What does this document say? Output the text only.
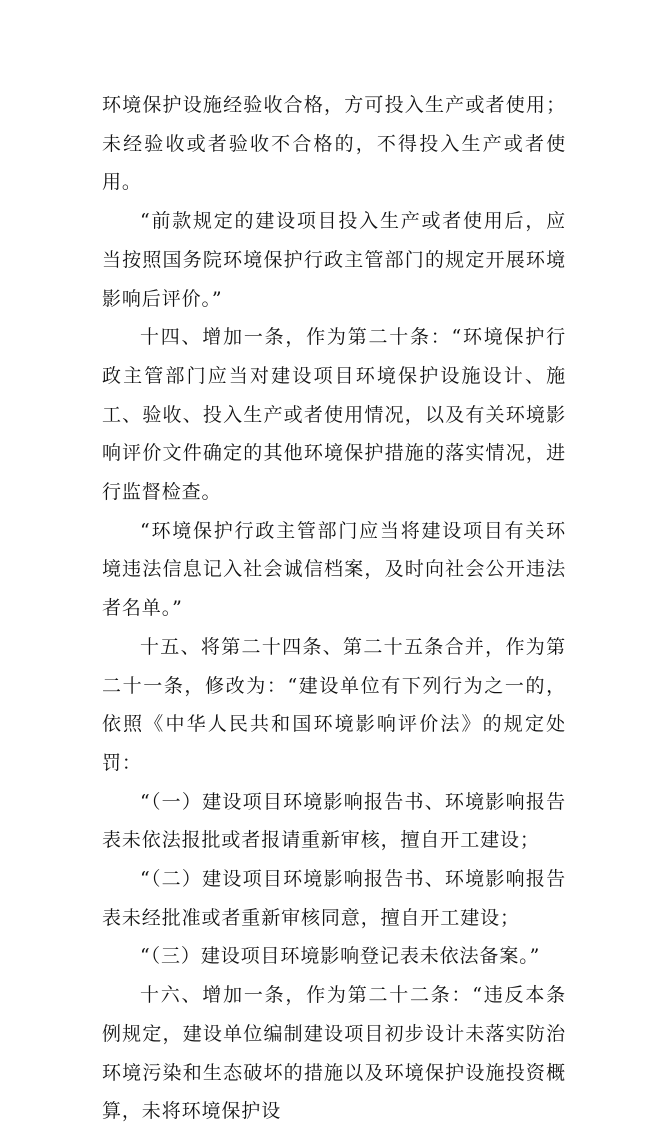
环境保护设施经验收合格，方可投入生产或者使用；未经验收或者验收不合格的，不得投入生产或者使用。

“前款规定的建设项目投入生产或者使用后，应当按照国务院环境保护行政主管部门的规定开展环境影响后评价。”

十四、增加一条，作为第二十条：“环境保护行政主管部门应当对建设项目环境保护设施设计、施工、验收、投入生产或者使用情况，以及有关环境影响评价文件确定的其他环境保护措施的落实情况，进行监督检查。

“环境保护行政主管部门应当将建设项目有关环境违法信息记入社会诚信档案，及时向社会公开违法者名单。”

十五、将第二十四条、第二十五条合并，作为第二十一条，修改为：“建设单位有下列行为之一的，依照《中华人民共和国环境影响评价法》的规定处罚：

“（一）建设项目环境影响报告书、环境影响报告表未依法报批或者报请重新审核，擅自开工建设；

“（二）建设项目环境影响报告书、环境影响报告表未经批准或者重新审核同意，擅自开工建设；

“（三）建设项目环境影响登记表未依法备案。”

十六、增加一条，作为第二十二条：“违反本条例规定，建设单位编制建设项目初步设计未落实防治环境污染和生态破坏的措施以及环境保护设施投资概算，未将环境保护设
